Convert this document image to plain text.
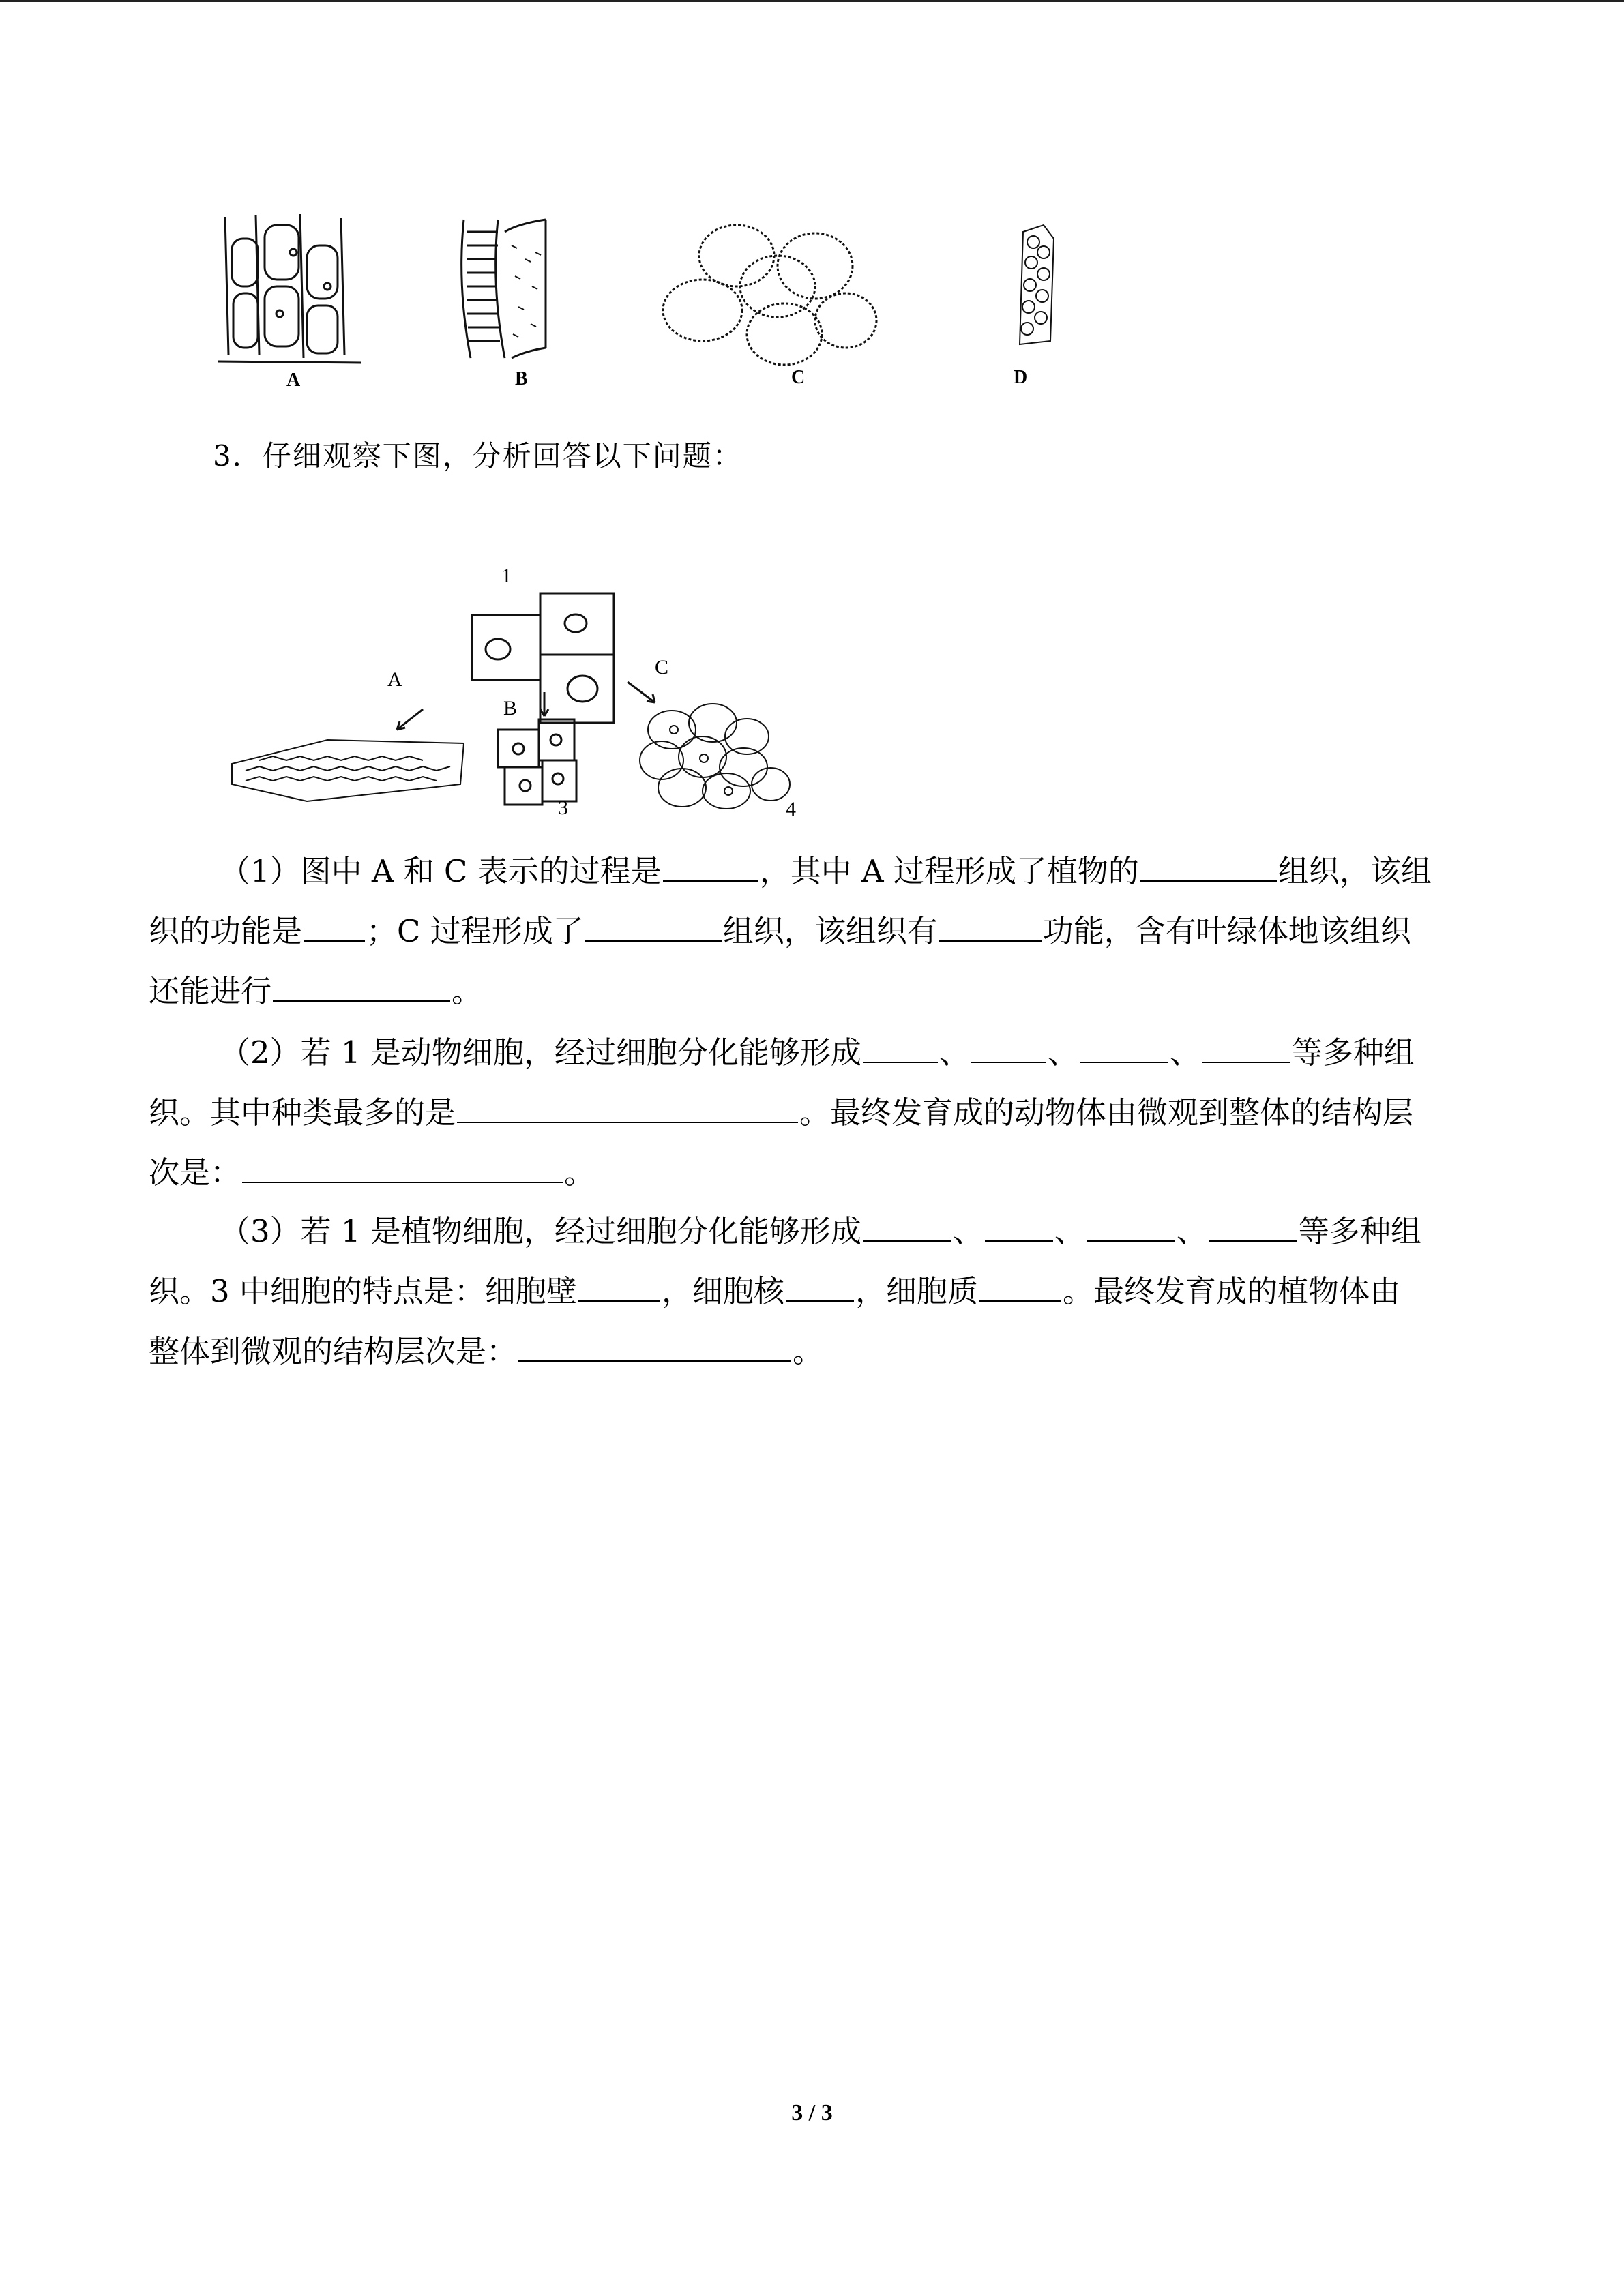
A	B	C	D
3．仔细观察下图，分析回答以下问题：
1
A
B
C
3	4
（1）图中 A 和 C 表示的过程是	，其中 A 过程形成了植物的	组织，该组
织的功能是 ；C 过程形成了	组织，该组织有	功能，含有叶绿体地该组织
还能进行	。
（2）若 1 是动物细胞，经过细胞分化能够形成	、	、	、	等多种组
织。其中种类最多的是	。最终发育成的动物体由微观到整体的结构层
次是：	。
（3）若 1 是植物细胞，经过细胞分化能够形成	、 、	、	等多种组
织。3 中细胞的特点是：细胞壁	，细胞核 ，细胞质	。最终发育成的植物体由
整体到微观的结构层次是：	。
3 / 3
